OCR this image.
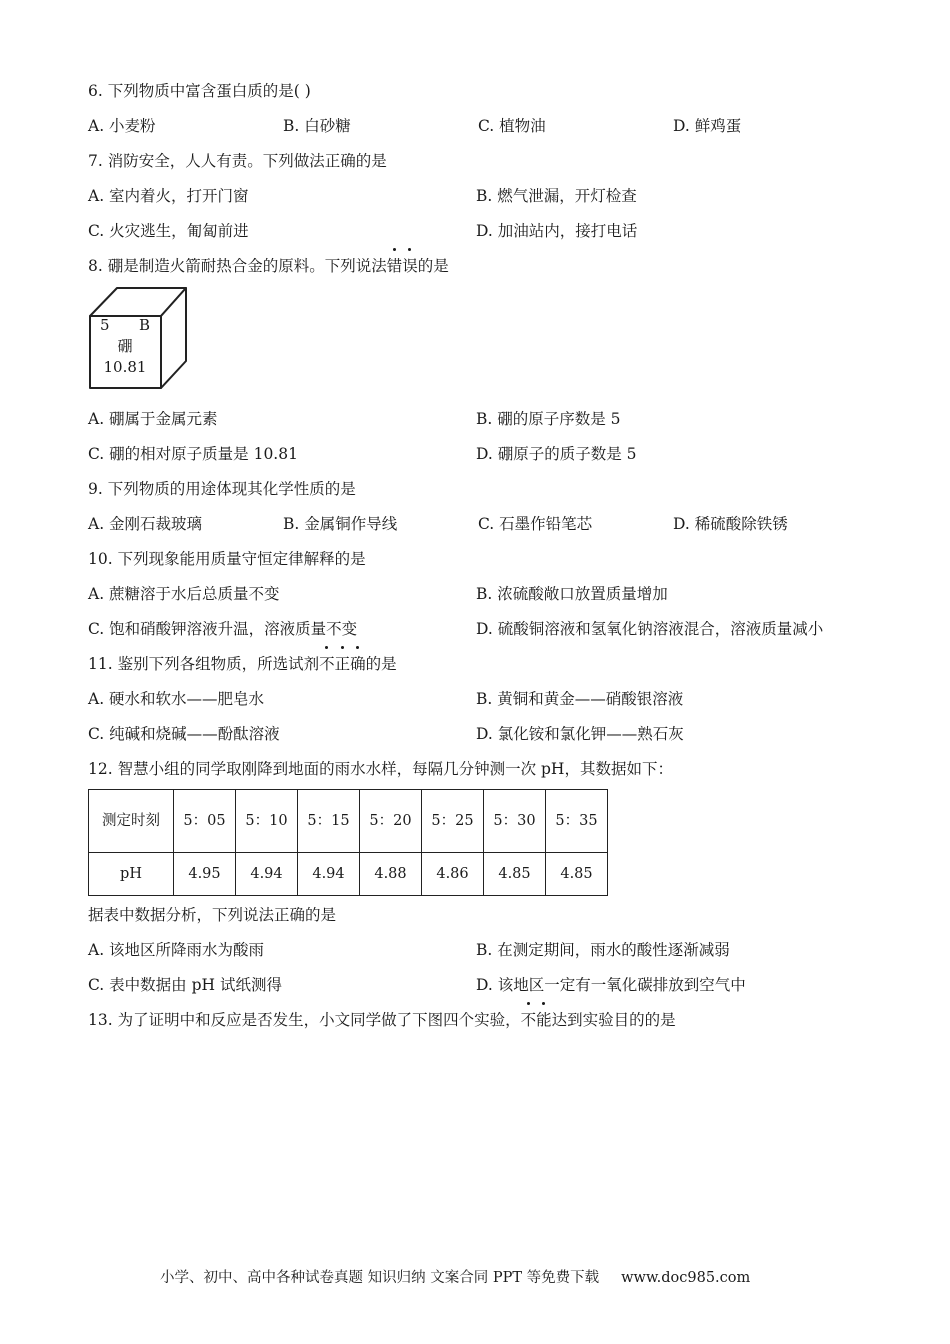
6. 下列物质中富含蛋白质的是( )
A. 小麦粉	B. 白砂糖	C. 植物油	D. 鲜鸡蛋
7. 消防安全，人人有责。下列做法正确的是
A. 室内着火，打开门窗	B. 燃气泄漏，开灯检查
C. 火灾逃生，匍匐前进	D. 加油站内，接打电话
8. 硼是制造火箭耐热合金的原料。下列说法错误的是
5 B
硼
10.81
A. 硼属于金属元素	B. 硼的原子序数是 5
C. 硼的相对原子质量是 10.81	D. 硼原子的质子数是 5
9. 下列物质的用途体现其化学性质的是
A. 金刚石裁玻璃	B. 金属铜作导线	C. 石墨作铅笔芯	D. 稀硫酸除铁锈
10. 下列现象能用质量守恒定律解释的是
A. 蔗糖溶于水后总质量不变	B. 浓硫酸敞口放置质量增加
C. 饱和硝酸钾溶液升温，溶液质量不变	D. 硫酸铜溶液和氢氧化钠溶液混合，溶液质量减小
11. 鉴别下列各组物质，所选试剂不正确的是
A. 硬水和软水——肥皂水	B. 黄铜和黄金——硝酸银溶液
C. 纯碱和烧碱——酚酞溶液	D. 氯化铵和氯化钾——熟石灰
12. 智慧小组的同学取刚降到地面的雨水水样，每隔几分钟测一次 pH，其数据如下：
测定时刻	5：05	5：10	5：15	5：20	5：25	5：30	5：35
pH	4.95	4.94	4.94	4.88	4.86	4.85	4.85
据表中数据分析，下列说法正确的是
A. 该地区所降雨水为酸雨	B. 在测定期间，雨水的酸性逐渐减弱
C. 表中数据由 pH 试纸测得	D. 该地区一定有一氧化碳排放到空气中
13. 为了证明中和反应是否发生，小文同学做了下图四个实验，不能达到实验目的的是
小学、初中、高中各种试卷真题 知识归纳 文案合同 PPT 等免费下载 www.doc985.com
